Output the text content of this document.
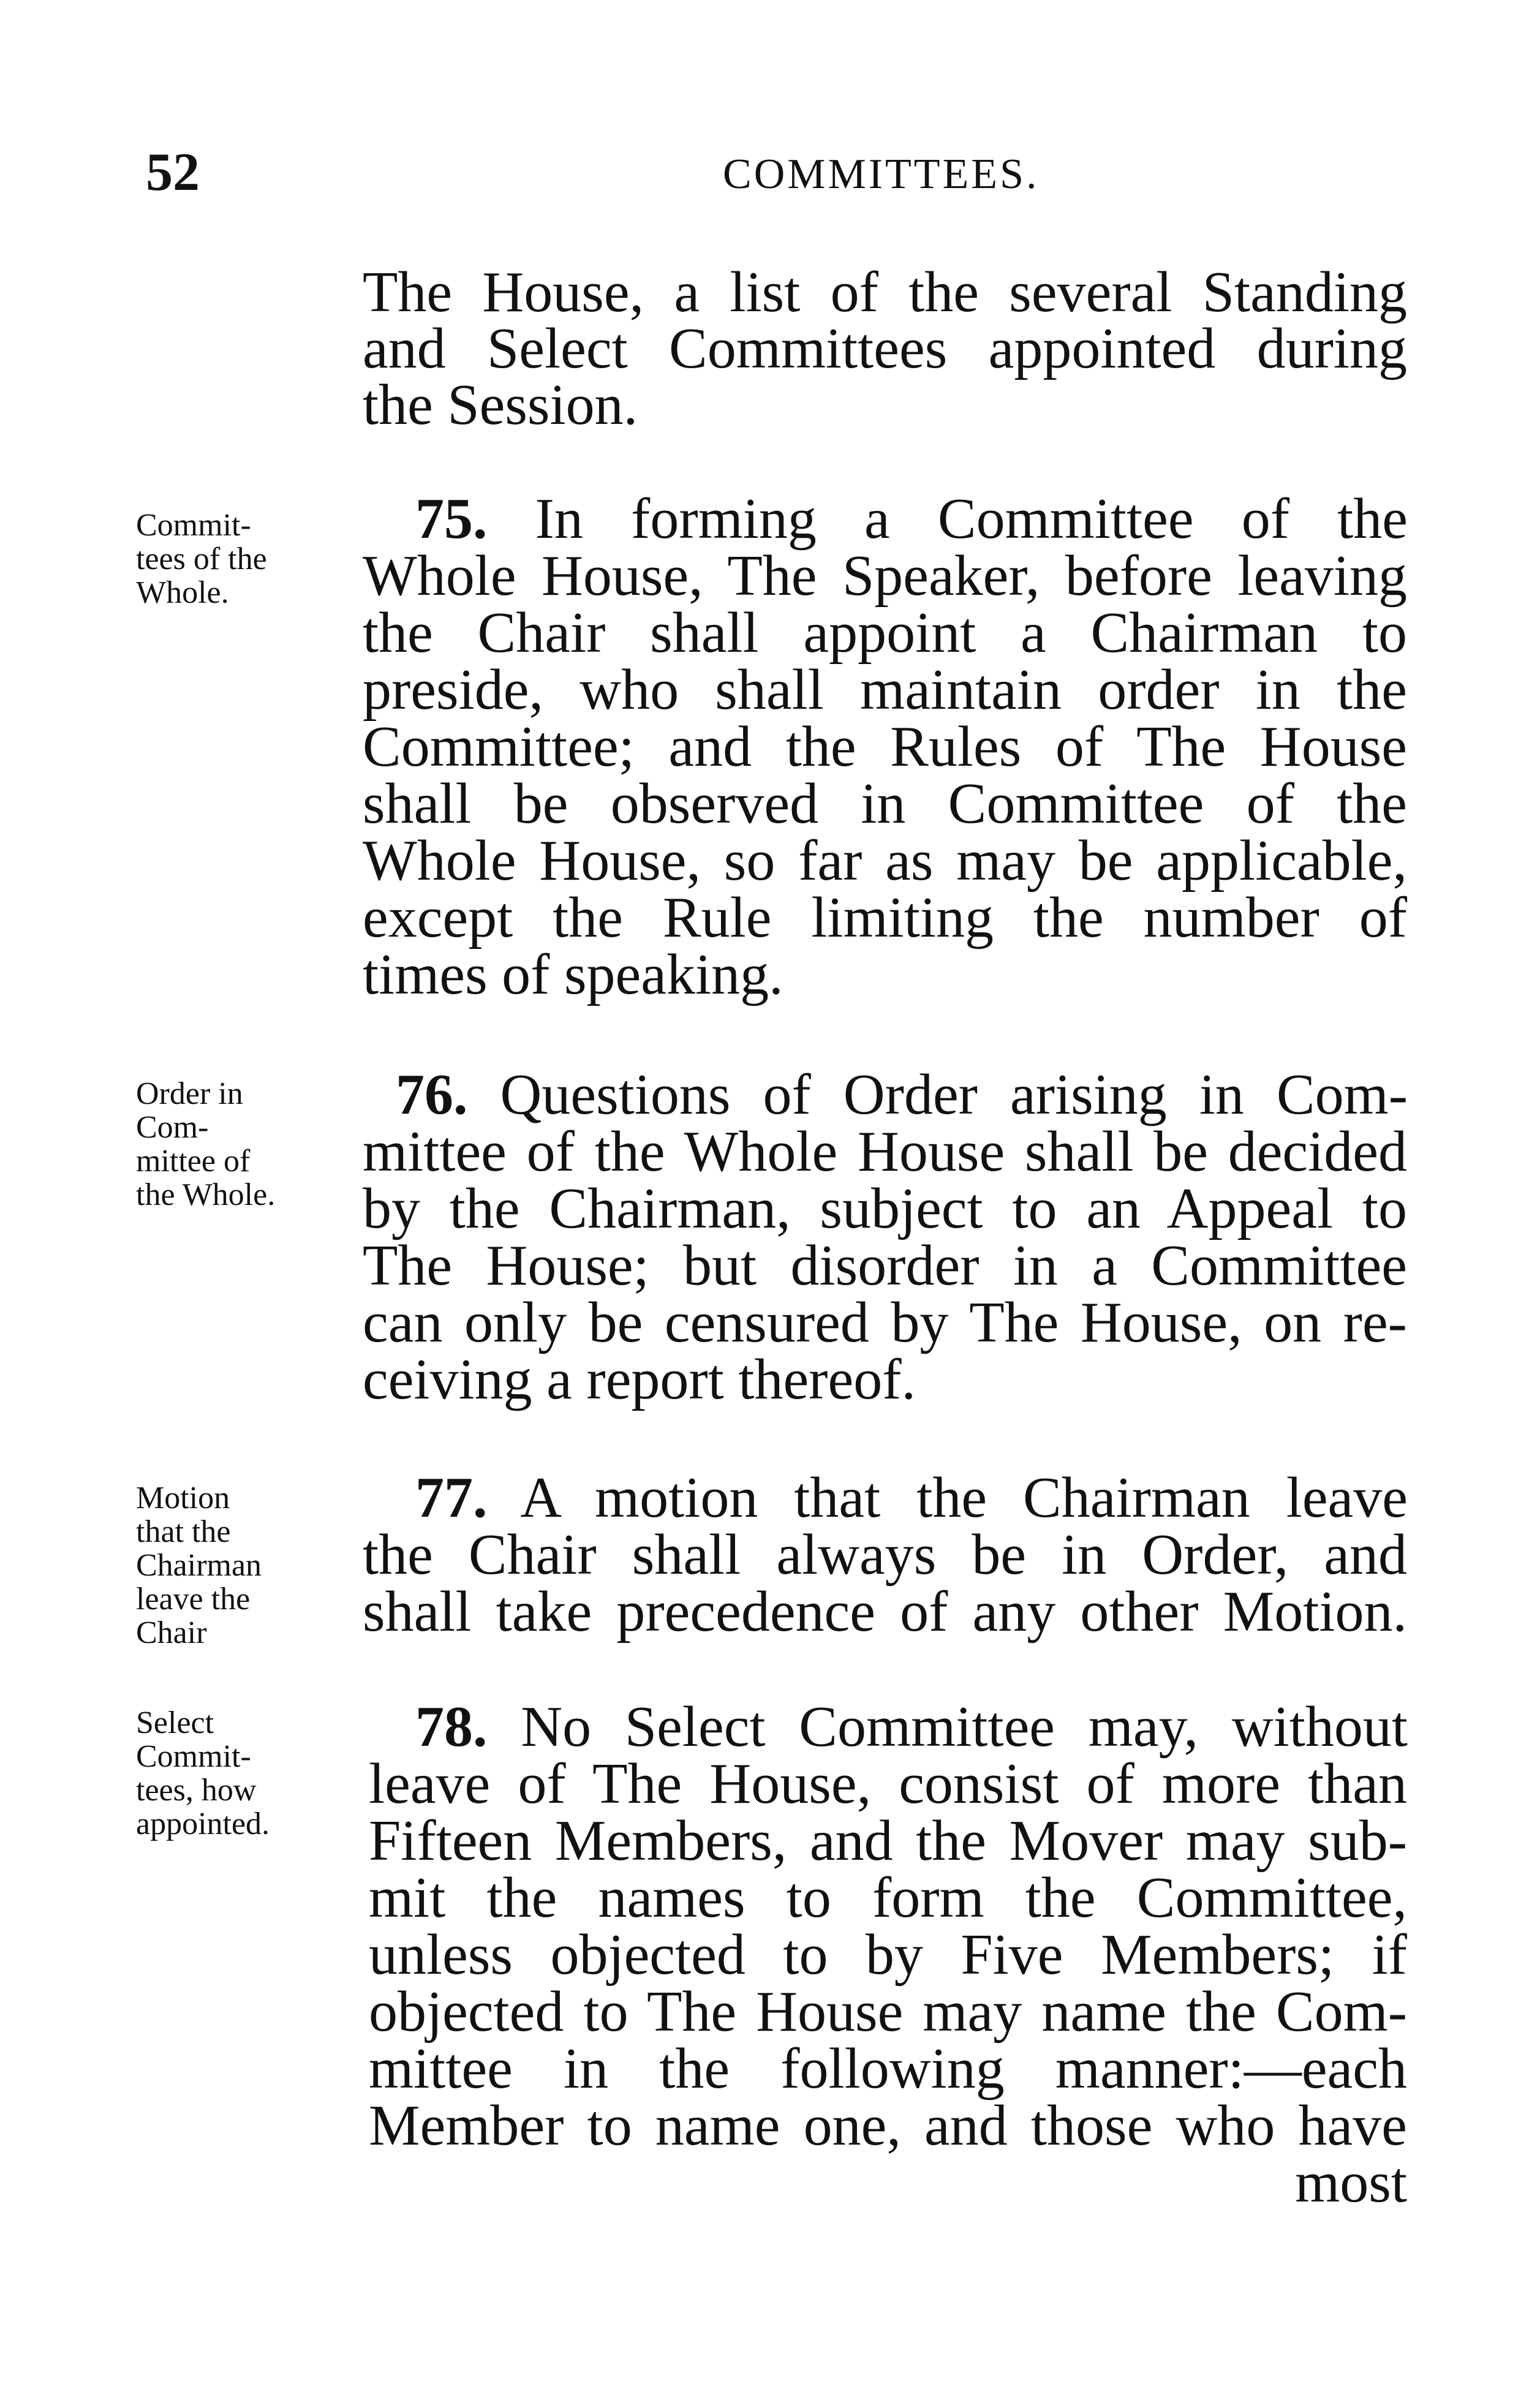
52	COMMITTEES.
The House, a list of the several Standing
and Select Committees appointed during
the Session.
Commit-
tees of the
Whole.
75. In forming a Committee of the
Whole House, The Speaker, before leaving
the Chair shall appoint a Chairman to
preside, who shall maintain order in the
Committee; and the Rules of The House
shall be observed in Committee of the
Whole House, so far as may be applicable,
except the Rule limiting the number of
times of speaking.
Order in
Com-
mittee of
the Whole.
76. Questions of Order arising in Com-
mittee of the Whole House shall be decided
by the Chairman, subject to an Appeal to
The House; but disorder in a Committee
can only be censured by The House, on re-
ceiving a report thereof.
Motion
that the
Chairman
leave the
Chair
77. A motion that the Chairman leave
the Chair shall always be in Order, and
shall take precedence of any other Motion.
Select
Commit-
tees, how
appointed.
78. No Select Committee may, without
leave of The House, consist of more than
Fifteen Members, and the Mover may sub-
mit the names to form the Committee,
unless objected to by Five Members; if
objected to The House may name the Com-
mittee in the following manner:—each
Member to name one, and those who have
most
